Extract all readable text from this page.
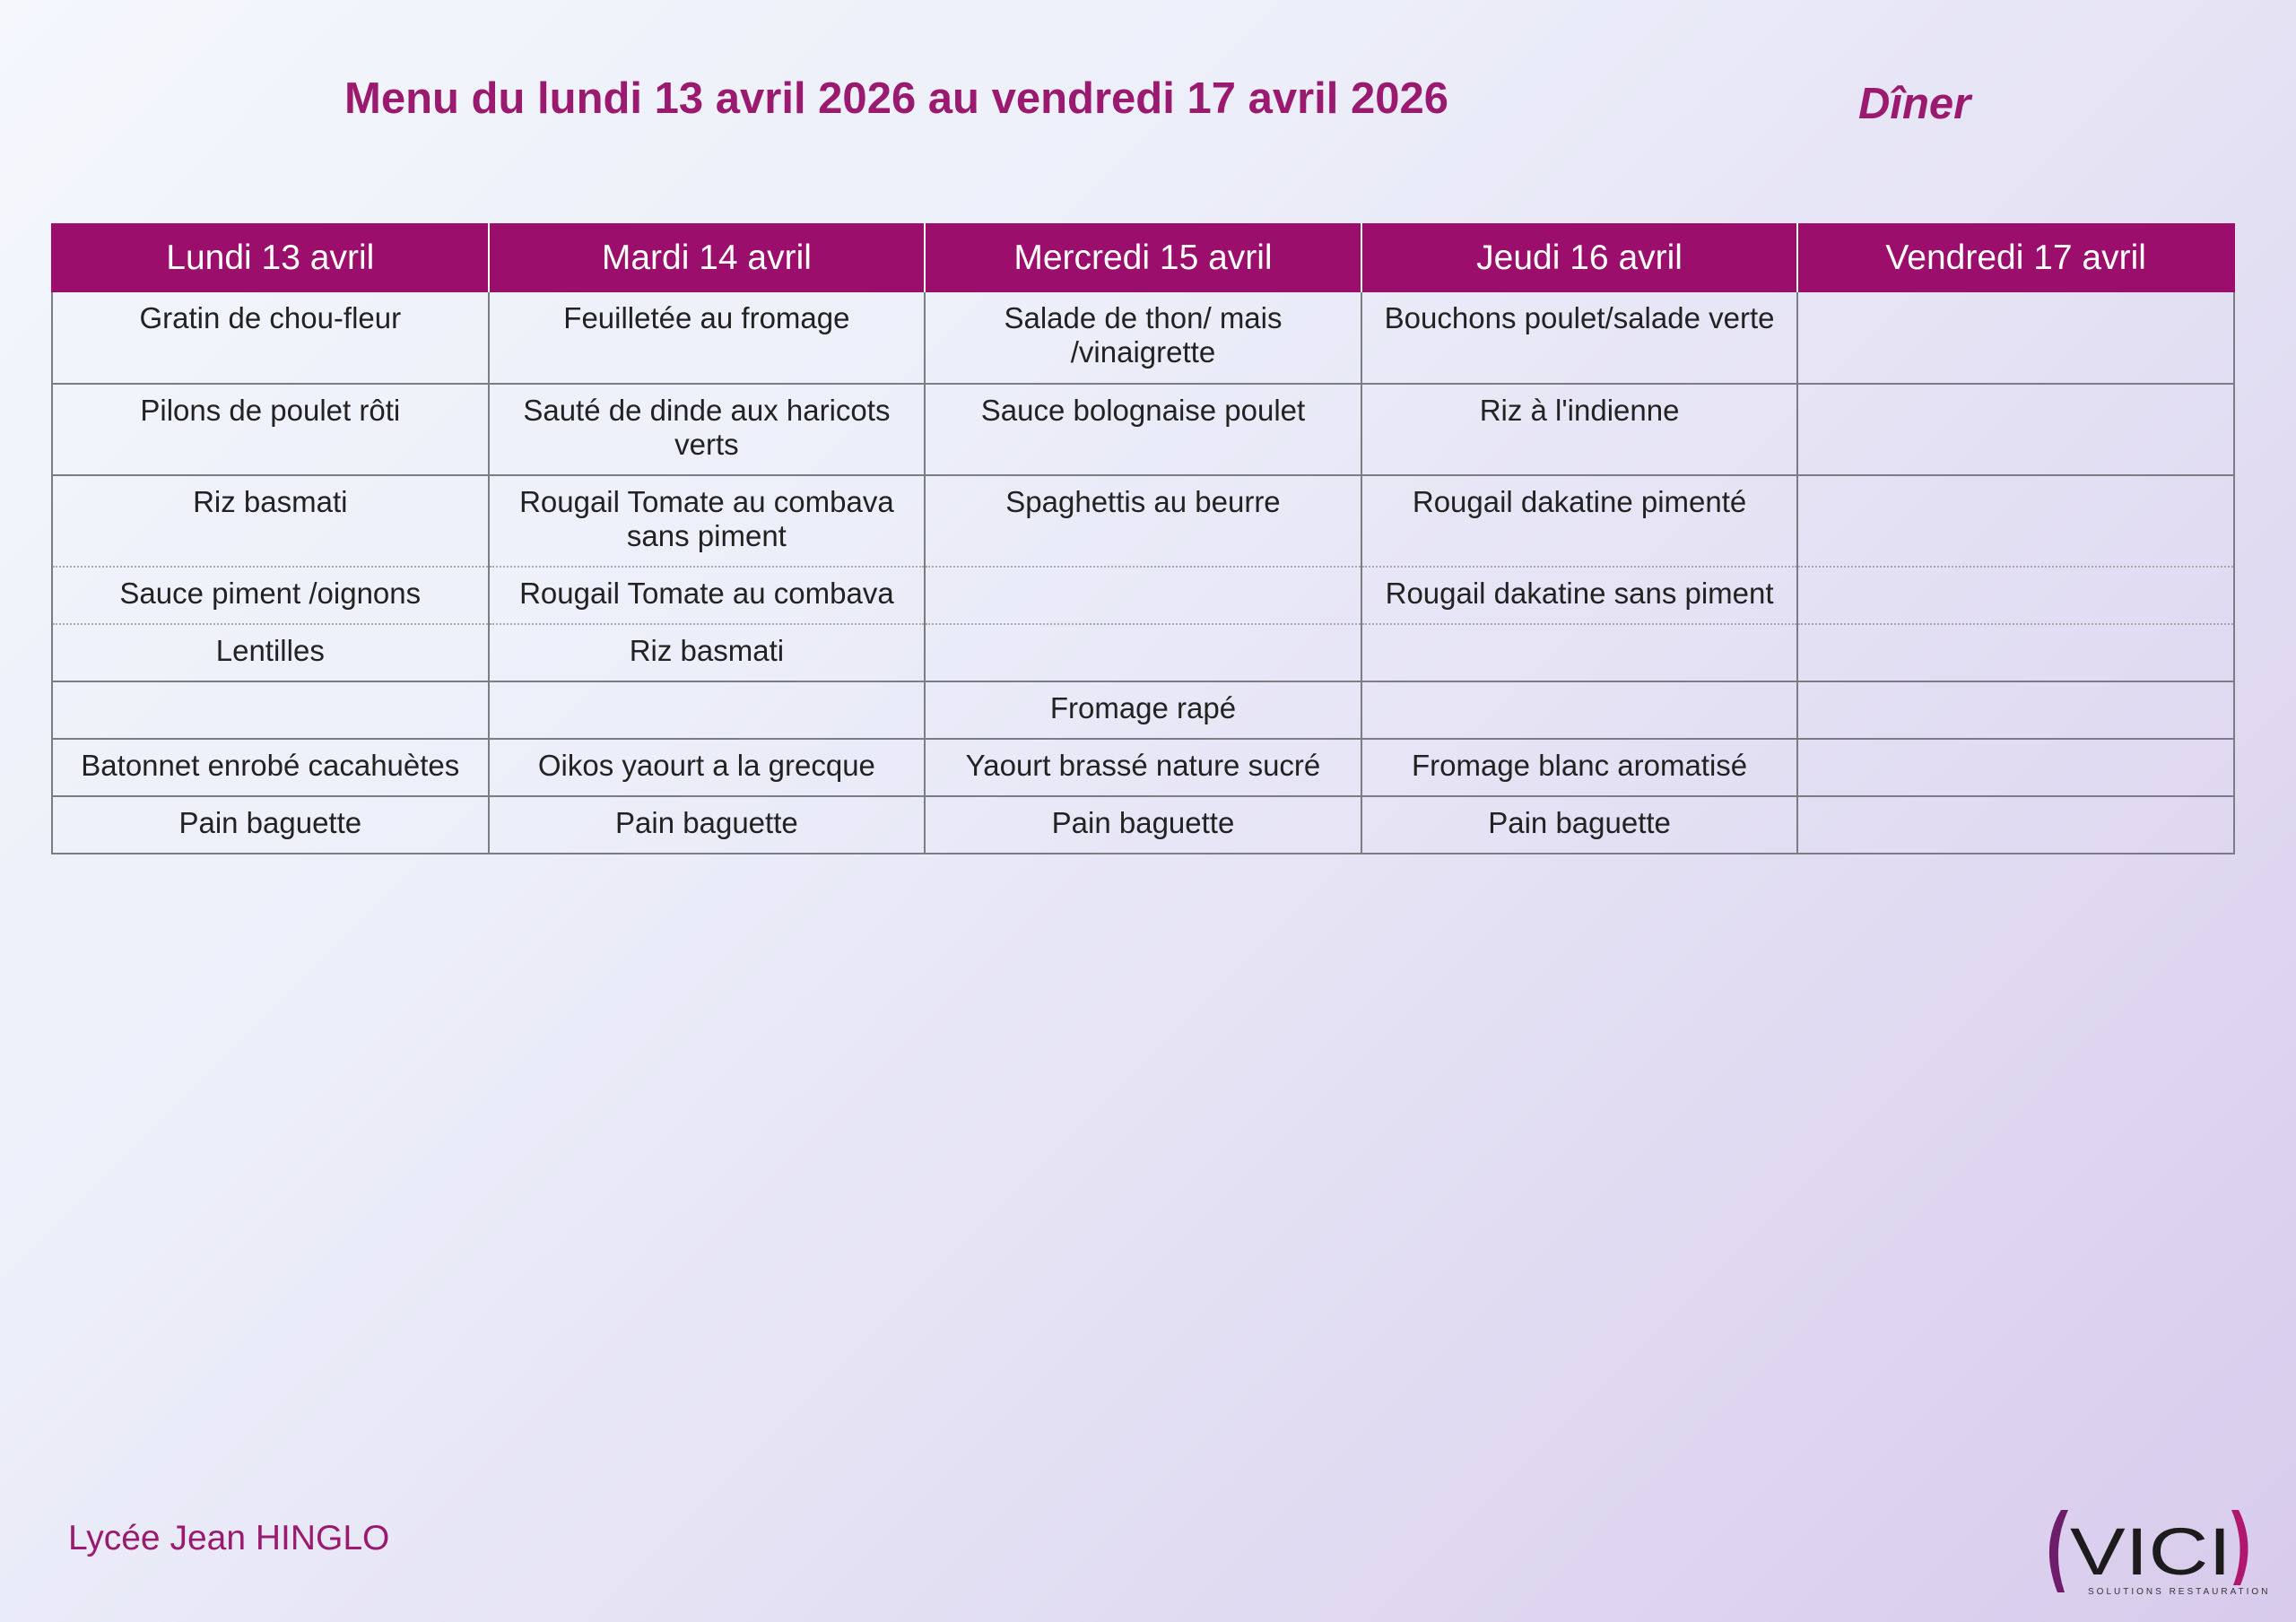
Menu du lundi 13 avril 2026 au vendredi 17 avril 2026	Dîner
Lundi 13 avril	Mardi 14 avril	Mercredi 15 avril	Jeudi 16 avril	Vendredi 17 avril
Gratin de chou-fleur	Feuilletée au fromage	Salade de thon/ mais /vinaigrette	Bouchons poulet/salade verte	
Pilons de poulet rôti	Sauté de dinde aux haricots verts	Sauce bolognaise poulet	Riz à l'indienne	
Riz basmati	Rougail Tomate au combava sans piment	Spaghettis au beurre	Rougail dakatine pimenté	
Sauce piment /oignons	Rougail Tomate au combava		Rougail dakatine sans piment	
Lentilles	Riz basmati			
		Fromage rapé		
Batonnet enrobé cacahuètes	Oikos yaourt a la grecque	Yaourt brassé nature sucré	Fromage blanc aromatisé	
Pain baguette	Pain baguette	Pain baguette	Pain baguette	
Lycée Jean HINGLO	VICI
SOLUTIONS RESTAURATION
